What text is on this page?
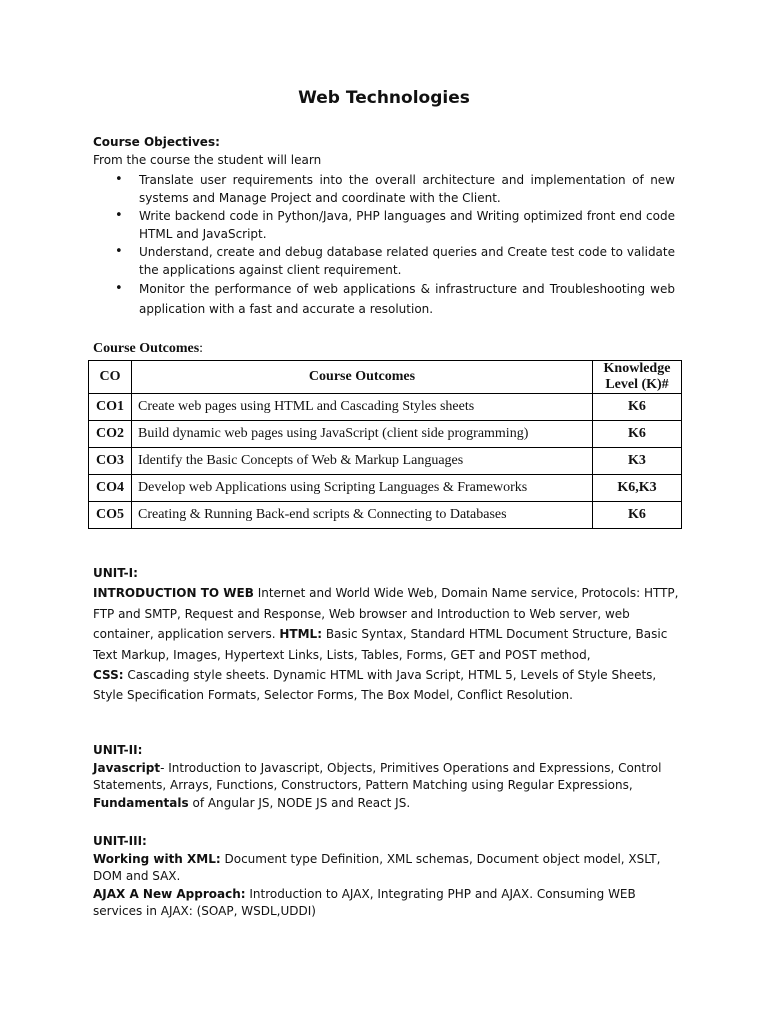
Web Technologies
Course Objectives:
From the course the student will learn
• Translate user requirements into the overall architecture and implementation of new systems and Manage Project and coordinate with the Client.
• Write backend code in Python/Java, PHP languages and Writing optimized front end code HTML and JavaScript.
• Understand, create and debug database related queries and Create test code to validate the applications against client requirement.
• Monitor the performance of web applications & infrastructure and Troubleshooting web application with a fast and accurate a resolution.
Course Outcomes:
CO	Course Outcomes	Knowledge Level (K)#
CO1	Create web pages using HTML and Cascading Styles sheets	K6
CO2	Build dynamic web pages using JavaScript (client side programming)	K6
CO3	Identify the Basic Concepts of Web & Markup Languages	K3
CO4	Develop web Applications using Scripting Languages & Frameworks	K6,K3
CO5	Creating & Running Back-end scripts & Connecting to Databases	K6
UNIT-I:
INTRODUCTION TO WEB Internet and World Wide Web, Domain Name service, Protocols: HTTP, FTP and SMTP, Request and Response, Web browser and Introduction to Web server, web container, application servers. HTML: Basic Syntax, Standard HTML Document Structure, Basic Text Markup, Images, Hypertext Links, Lists, Tables, Forms, GET and POST method,
CSS: Cascading style sheets. Dynamic HTML with Java Script, HTML 5, Levels of Style Sheets, Style Specification Formats, Selector Forms, The Box Model, Conflict Resolution.
UNIT-II:
Javascript- Introduction to Javascript, Objects, Primitives Operations and Expressions, Control Statements, Arrays, Functions, Constructors, Pattern Matching using Regular Expressions, Fundamentals of Angular JS, NODE JS and React JS.
UNIT-III:
Working with XML: Document type Definition, XML schemas, Document object model, XSLT, DOM and SAX.
AJAX A New Approach: Introduction to AJAX, Integrating PHP and AJAX. Consuming WEB services in AJAX: (SOAP, WSDL,UDDI)
